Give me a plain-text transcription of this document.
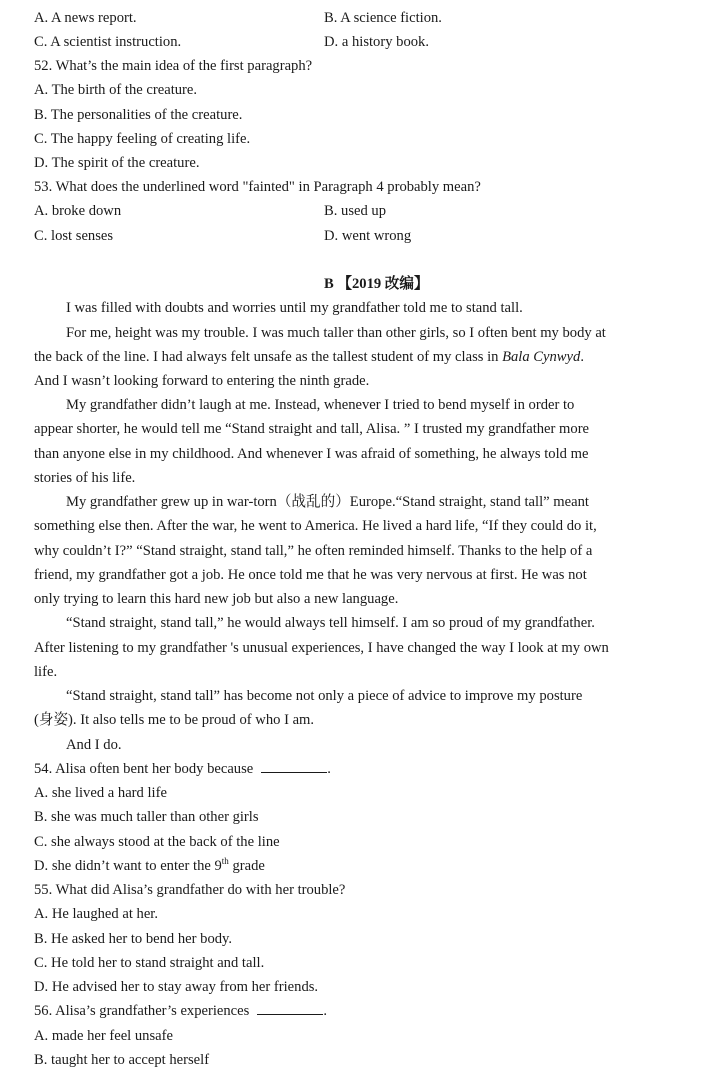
A. A news report.	B. A science fiction.
C. A scientist instruction.	D. a history book.
52. What’s the main idea of the first paragraph?
A. The birth of the creature.
B. The personalities of the creature.
C. The happy feeling of creating life.
D. The spirit of the creature.
53. What does the underlined word "fainted" in Paragraph 4 probably mean?
A. broke down	B. used up
C. lost senses	D. went wrong
B 【2019 改编】
I was filled with doubts and worries until my grandfather told me to stand tall.
For me, height was my trouble. I was much taller than other girls, so I often bent my body at
the back of the line. I had always felt unsafe as the tallest student of my class in Bala Cynwyd.
And I wasn’t looking forward to entering the ninth grade.
My grandfather didn’t laugh at me. Instead, whenever I tried to bend myself in order to
appear shorter, he would tell me “Stand straight and tall, Alisa. ” I trusted my grandfather more
than anyone else in my childhood. And whenever I was afraid of something, he always told me
stories of his life.
My grandfather grew up in war-torn（战乱的）Europe.“Stand straight, stand tall” meant
something else then. After the war, he went to America. He lived a hard life, “If they could do it,
why couldn’t I?” “Stand straight, stand tall,” he often reminded himself. Thanks to the help of a
friend, my grandfather got a job. He once told me that he was very nervous at first. He was not
only trying to learn this hard new job but also a new language.
“Stand straight, stand tall,” he would always tell himself. I am so proud of my grandfather.
After listening to my grandfather 's unusual experiences, I have changed the way I look at my own
life.
“Stand straight, stand tall” has become not only a piece of advice to improve my posture
(身姿). It also tells me to be proud of who I am.
And I do.
54. Alisa often bent her body because	.
A. she lived a hard life
B. she was much taller than other girls
C. she always stood at the back of the line
D. she didn’t want to enter the 9th grade
55. What did Alisa’s grandfather do with her trouble?
A. He laughed at her.
B. He asked her to bend her body.
C. He told her to stand straight and tall.
D. He advised her to stay away from her friends.
56. Alisa’s grandfather’s experiences	.
A. made her feel unsafe
B. taught her to accept herself
